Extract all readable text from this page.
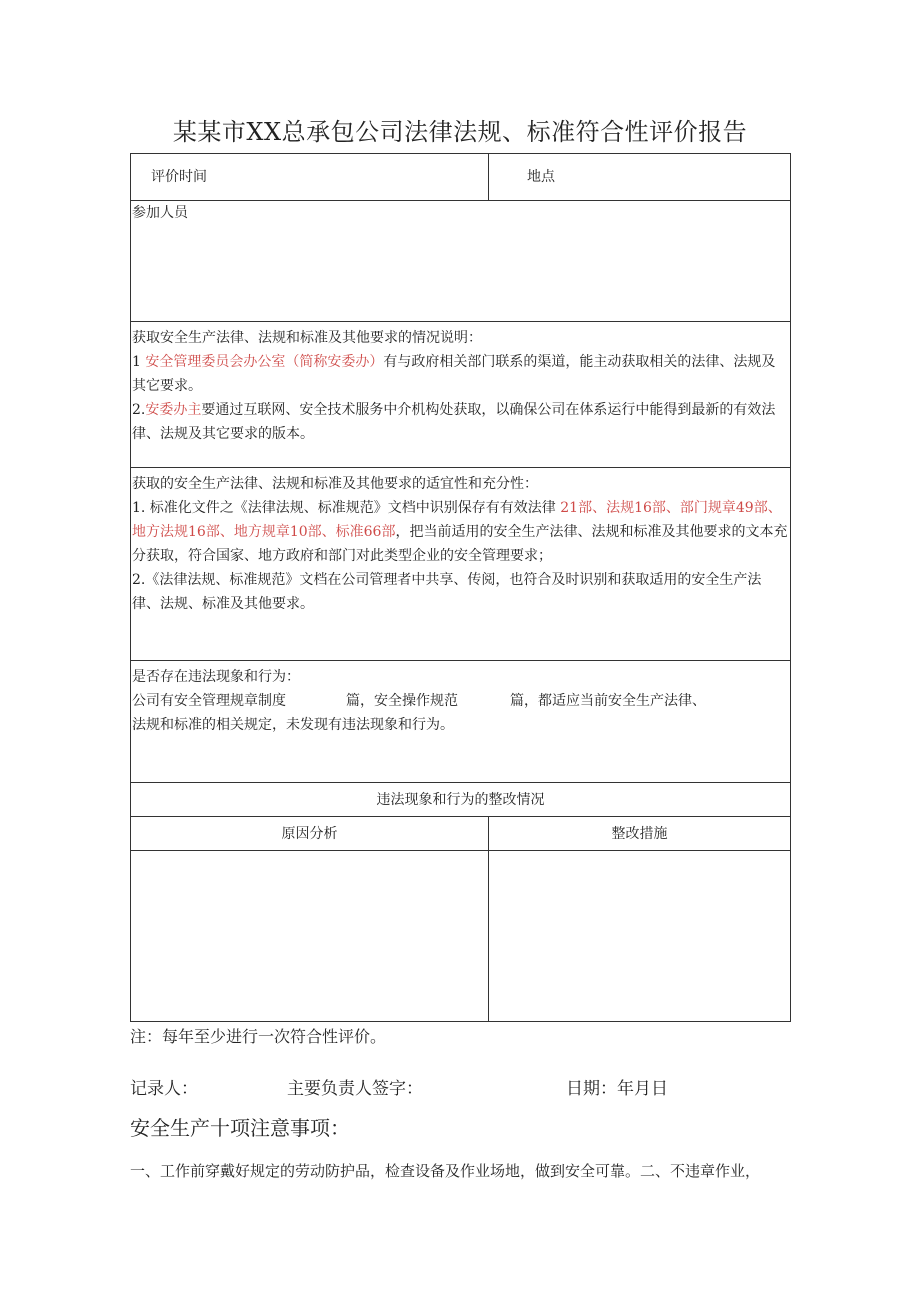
某某市XX总承包公司法律法规、标准符合性评价报告
评价时间	地点
参加人员	

获取安全生产法律、法规和标准及其他要求的情况说明：
1 安全管理委员会办公室（简称安委办）有与政府相关部门联系的渠道，能主动获取相关的法律、法规及其它要求。
2.安委办主要通过互联网、安全技术服务中介机构处获取，以确保公司在体系运行中能得到最新的有效法律、法规及其它要求的版本。	

获取的安全生产法律、法规和标准及其他要求的适宜性和充分性：
1. 标准化文件之《法律法规、标准规范》文档中识别保存有有效法律 21部、法规16部、部门规章49部、地方法规16部、地方规章10部、标准66部，把当前适用的安全生产法律、法规和标准及其他要求的文本充分获取，符合国家、地方政府和部门对此类型企业的安全管理要求；
2.《法律法规、标准规范》文档在公司管理者中共享、传阅，也符合及时识别和获取适用的安全生产法律、法规、标准及其他要求。	

是否存在违法现象和行为：
公司有安全管理规章制度 篇，安全操作规范 篇，都适应当前安全生产法律、
法规和标准的相关规定，未发现有违法现象和行为。	

违法现象和行为的整改情况	
原因分析	整改措施

注：每年至少进行一次符合性评价。
记录人：	主要负责人签字：	日期：年月日
安全生产十项注意事项：
一、工作前穿戴好规定的劳动防护品，检查设备及作业场地，做到安全可靠。二、不违章作业，
